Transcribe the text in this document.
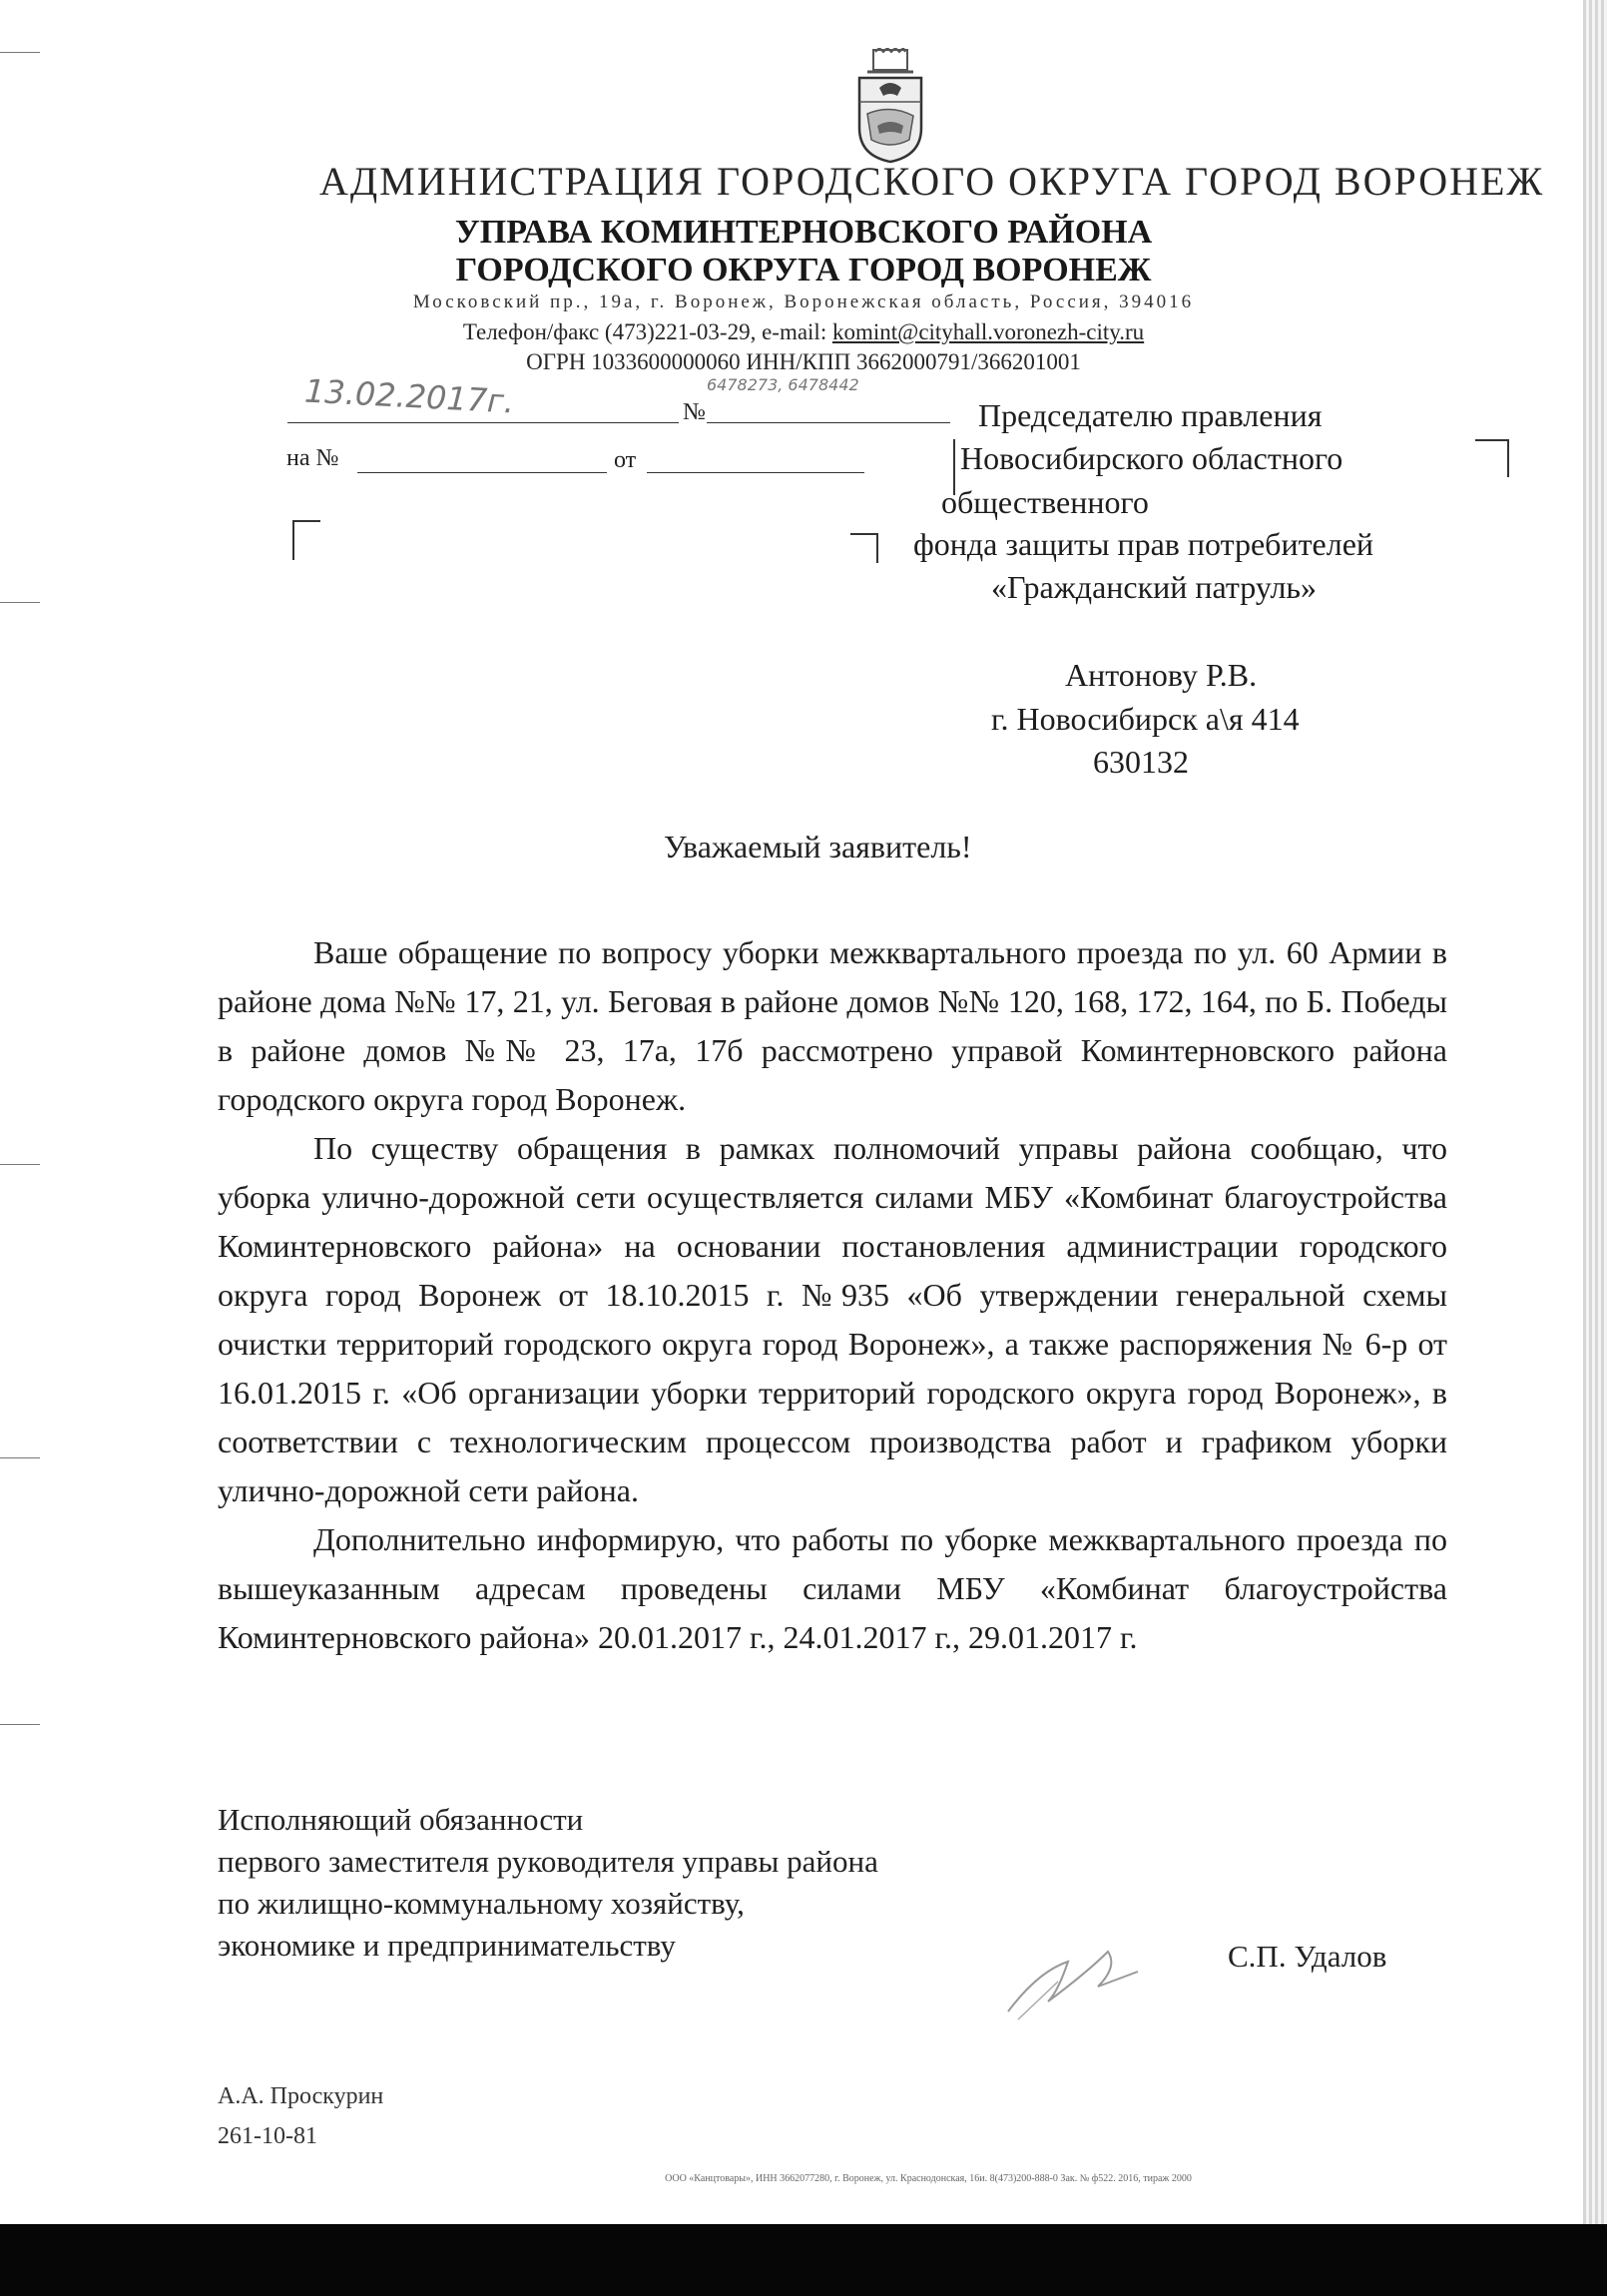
АДМИНИСТРАЦИЯ ГОРОДСКОГО ОКРУГА ГОРОД ВОРОНЕЖ
УПРАВА КОМИНТЕРНОВСКОГО РАЙОНА
ГОРОДСКОГО ОКРУГА ГОРОД ВОРОНЕЖ
Московский пр., 19а, г. Воронеж, Воронежская область, Россия, 394016
Телефон/факс (473)221-03-29, e-mail: komint@cityhall.voronezh-city.ru
ОГРН 1033600000060 ИНН/КПП 3662000791/366201001
13.02.2017г.	№
6478273, 6478442
на №	от
Председателю правления
Новосибирского областного
общественного
фонда защиты прав потребителей
«Гражданский патруль»
Антонову Р.В.
г. Новосибирск а\я 414
630132
Уважаемый заявитель!

Ваше обращение по вопросу уборки межквартального проезда по ул. 60 Армии в районе дома №№ 17, 21, ул. Беговая в районе домов №№ 120, 168, 172, 164, по Б. Победы в районе домов №№ 23, 17а, 17б рассмотрено управой Коминтерновского района городского округа город Воронеж.

По существу обращения в рамках полномочий управы района сообщаю, что уборка улично-дорожной сети осуществляется силами МБУ «Комбинат благоустройства Коминтерновского района» на основании постановления администрации городского округа город Воронеж от 18.10.2015 г. №935 «Об утверждении генеральной схемы очистки территорий городского округа город Воронеж», а также распоряжения № 6-р от 16.01.2015 г. «Об организации уборки территорий городского округа город Воронеж», в соответствии с технологическим процессом производства работ и графиком уборки улично-дорожной сети района.

Дополнительно информирую, что работы по уборке межквартального проезда по вышеуказанным адресам проведены силами МБУ «Комбинат благоустройства Коминтерновского района» 20.01.2017 г., 24.01.2017 г., 29.01.2017 г.

Исполняющий обязанности
первого заместителя руководителя управы района
по жилищно-коммунальному хозяйству,
экономике и предпринимательству	С.П. Удалов
А.А. Проскурин
261-10-81
ООО «Канцтовары», ИНН 3662077280, г. Воронеж, ул. Краснодонская, 16и. 8(473)200-888-0 Зак. № ф522. 2016, тираж 2000
